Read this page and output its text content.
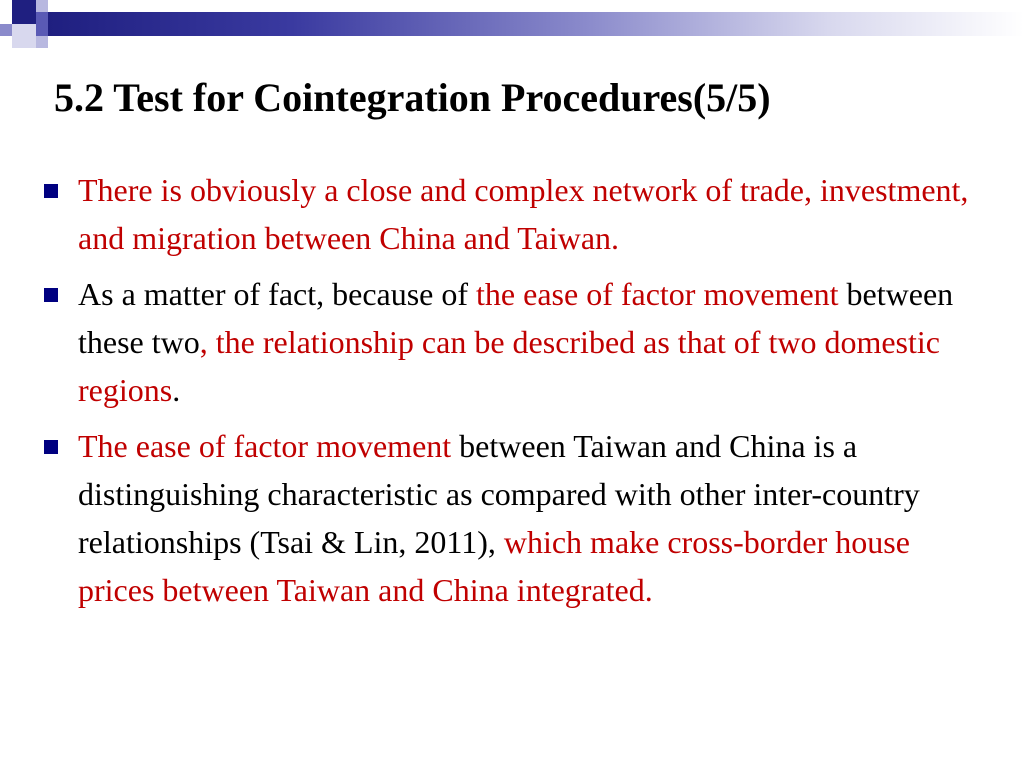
5.2 Test for Cointegration Procedures(5/5)
There is obviously a close and complex network of trade, investment, and migration between China and Taiwan.
As a matter of fact, because of the ease of factor movement between these two, the relationship can be described as that of two domestic regions.
The ease of factor movement between Taiwan and China is a distinguishing characteristic as compared with other inter-country relationships (Tsai & Lin, 2011), which make cross-border house prices between Taiwan and China integrated.
